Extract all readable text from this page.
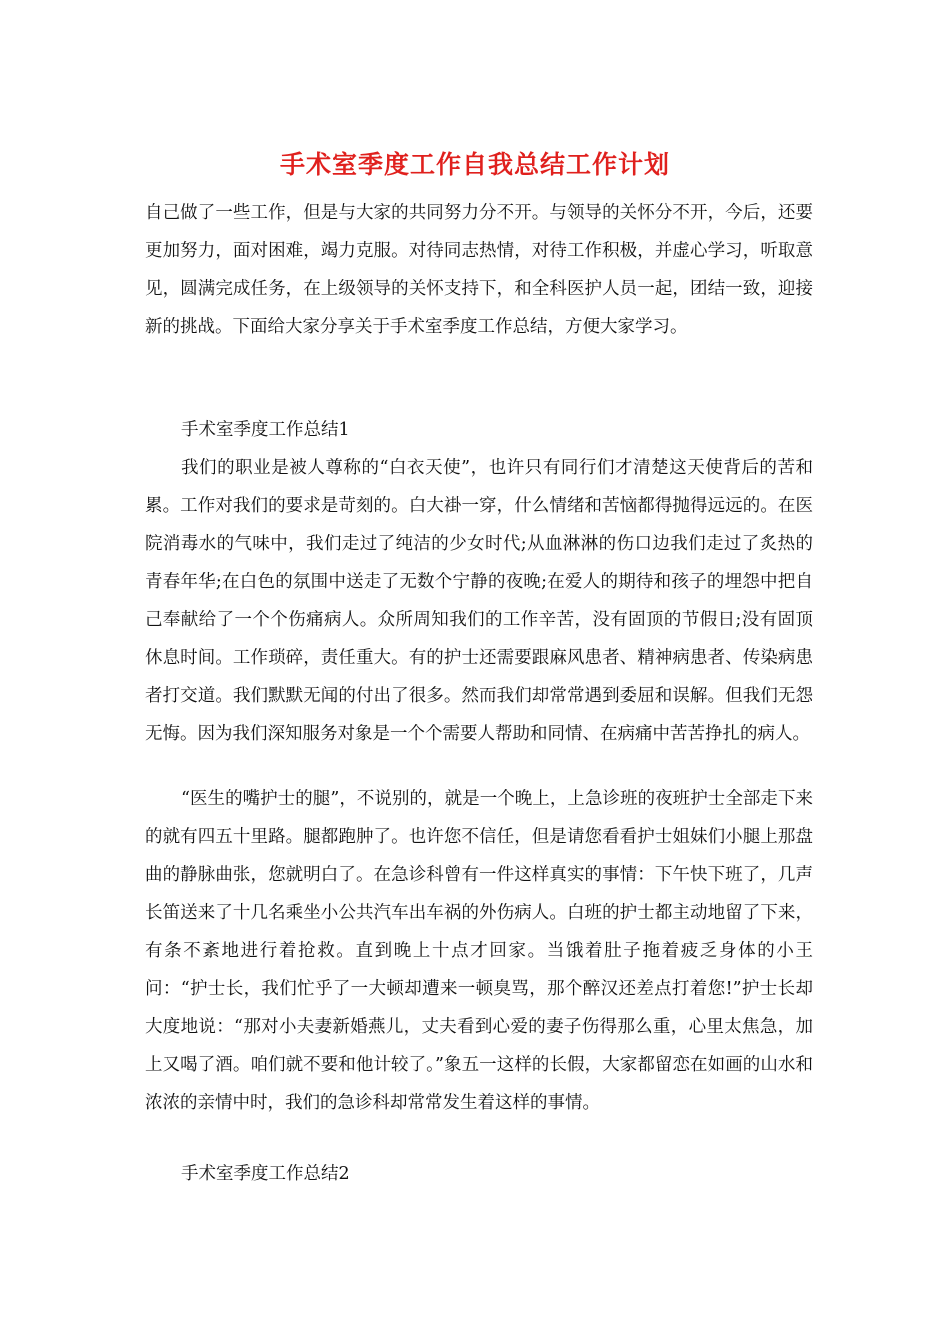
手术室季度工作自我总结工作计划

自己做了一些工作，但是与大家的共同努力分不开。与领导的关怀分不开，今后，还要更加努力，面对困难，竭力克服。对待同志热情，对待工作积极，并虚心学习，听取意见，圆满完成任务，在上级领导的关怀支持下，和全科医护人员一起，团结一致，迎接新的挑战。下面给大家分享关于手术室季度工作总结，方便大家学习。

手术室季度工作总结1

我们的职业是被人尊称的“白衣天使”，也许只有同行们才清楚这天使背后的苦和累。工作对我们的要求是苛刻的。白大褂一穿，什么情绪和苦恼都得抛得远远的。在医院消毒水的气味中，我们走过了纯洁的少女时代;从血淋淋的伤口边我们走过了炙热的青春年华;在白色的氛围中送走了无数个宁静的夜晚;在爱人的期待和孩子的埋怨中把自己奉献给了一个个伤痛病人。众所周知我们的工作辛苦，没有固顶的节假日;没有固顶休息时间。工作琐碎，责任重大。有的护士还需要跟麻风患者、精神病患者、传染病患者打交道。我们默默无闻的付出了很多。然而我们却常常遇到委屈和误解。但我们无怨无悔。因为我们深知服务对象是一个个需要人帮助和同情、在病痛中苦苦挣扎的病人。

“医生的嘴护士的腿”，不说别的，就是一个晚上，上急诊班的夜班护士全部走下来的就有四五十里路。腿都跑肿了。也许您不信任，但是请您看看护士姐妹们小腿上那盘曲的静脉曲张，您就明白了。在急诊科曾有一件这样真实的事情：下午快下班了，几声长笛送来了十几名乘坐小公共汽车出车祸的外伤病人。白班的护士都主动地留了下来，有条不紊地进行着抢救。直到晚上十点才回家。当饿着肚子拖着疲乏身体的小王问：“护士长，我们忙乎了一大顿却遭来一顿臭骂，那个醉汉还差点打着您!”护士长却大度地说：“那对小夫妻新婚燕儿，丈夫看到心爱的妻子伤得那么重，心里太焦急，加上又喝了酒。咱们就不要和他计较了。”象五一这样的长假，大家都留恋在如画的山水和浓浓的亲情中时，我们的急诊科却常常发生着这样的事情。

手术室季度工作总结2
